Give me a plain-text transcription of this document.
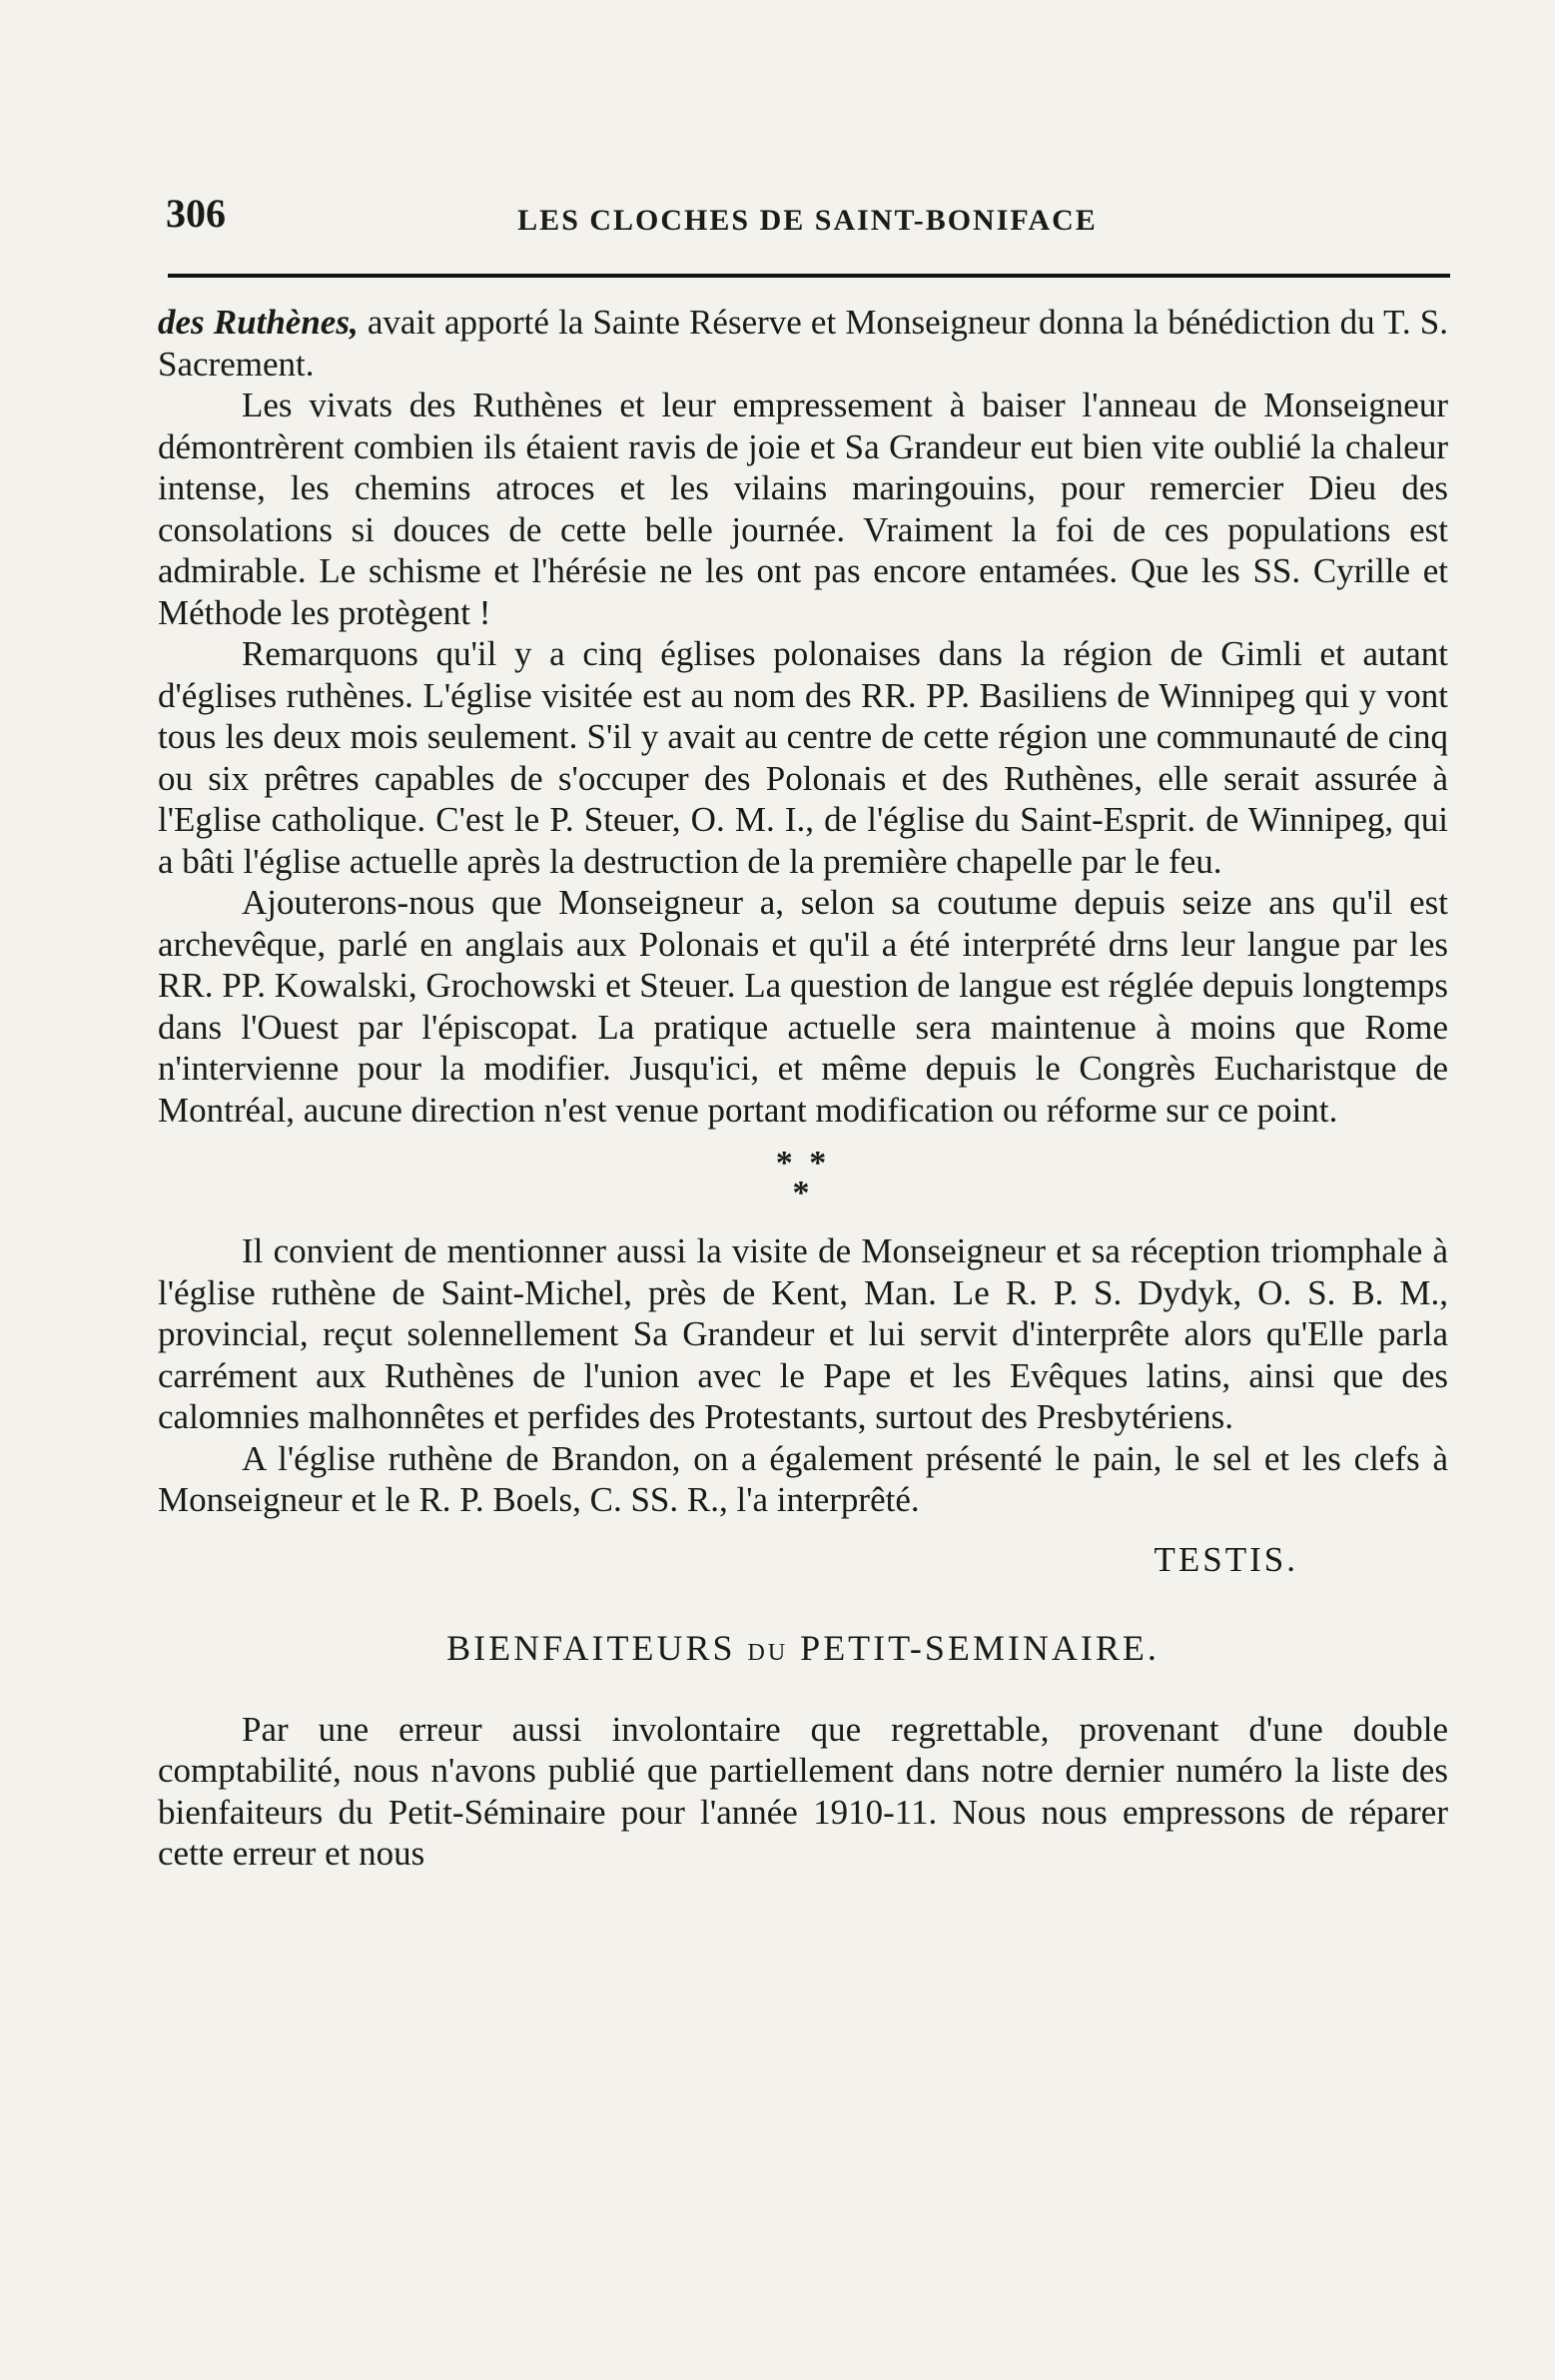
306	LES CLOCHES DE SAINT-BONIFACE

des Ruthènes, avait apporté la Sainte Réserve et Monseigneur donna la bénédiction du T. S. Sacrement.

Les vivats des Ruthènes et leur empressement à baiser l'anneau de Monseigneur démontrèrent combien ils étaient ravis de joie et Sa Grandeur eut bien vite oublié la chaleur intense, les chemins atroces et les vilains maringouins, pour remercier Dieu des consolations si douces de cette belle journée. Vraiment la foi de ces populations est admirable. Le schisme et l'hérésie ne les ont pas encore entamées. Que les SS. Cyrille et Méthode les protègent !

Remarquons qu'il y a cinq églises polonaises dans la région de Gimli et autant d'églises ruthènes. L'église visitée est au nom des RR. PP. Basiliens de Winnipeg qui y vont tous les deux mois seulement. S'il y avait au centre de cette région une communauté de cinq ou six prêtres capables de s'occuper des Polonais et des Ruthènes, elle serait assurée à l'Eglise catholique. C'est le P. Steuer, O. M. I., de l'église du Saint-Esprit. de Winnipeg, qui a bâti l'église actuelle après la destruction de la première chapelle par le feu.

Ajouterons-nous que Monseigneur a, selon sa coutume depuis seize ans qu'il est archevêque, parlé en anglais aux Polonais et qu'il a été interprété drns leur langue par les RR. PP. Kowalski, Grochowski et Steuer. La question de langue est réglée depuis longtemps dans l'Ouest par l'épiscopat. La pratique actuelle sera maintenue à moins que Rome n'intervienne pour la modifier. Jusqu'ici, et même depuis le Congrès Eucharistque de Montréal, aucune direction n'est venue portant modification ou réforme sur ce point.

* *
*

Il convient de mentionner aussi la visite de Monseigneur et sa réception triomphale à l'église ruthène de Saint-Michel, près de Kent, Man. Le R. P. S. Dydyk, O. S. B. M., provincial, reçut solennellement Sa Grandeur et lui servit d'interprête alors qu'Elle parla carrément aux Ruthènes de l'union avec le Pape et les Evêques latins, ainsi que des calomnies malhonnêtes et perfides des Protestants, surtout des Presbytériens.

A l'église ruthène de Brandon, on a également présenté le pain, le sel et les clefs à Monseigneur et le R. P. Boels, C. SS. R., l'a interprêté.

TESTIS.
BIENFAITEURS DU PETIT-SEMINAIRE.

Par une erreur aussi involontaire que regrettable, provenant d'une double comptabilité, nous n'avons publié que partiellement dans notre dernier numéro la liste des bienfaiteurs du Petit-Séminaire pour l'année 1910-11. Nous nous empressons de réparer cette erreur et nous
